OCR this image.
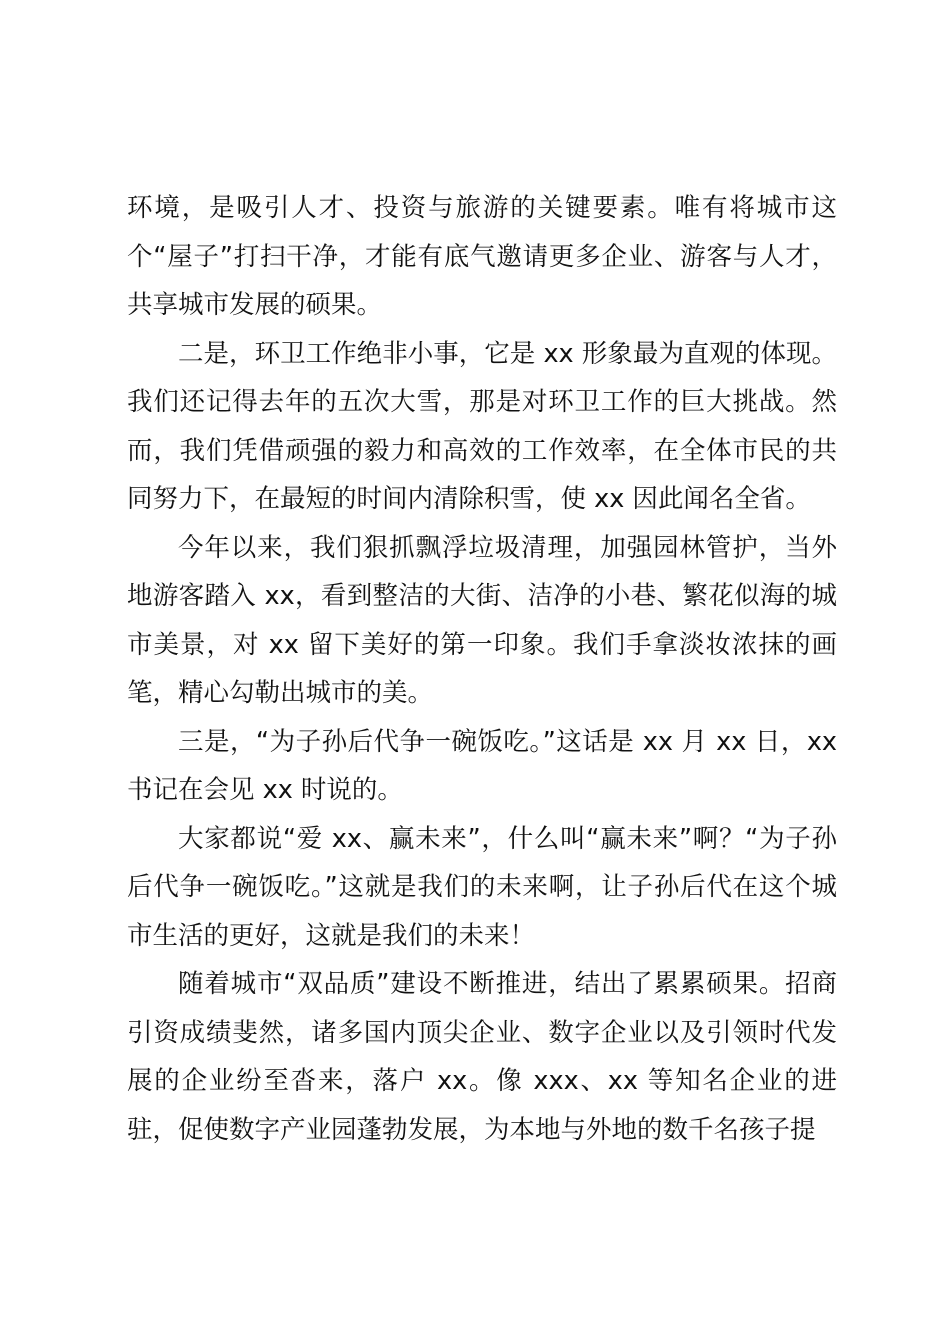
环境，是吸引人才、投资与旅游的关键要素。唯有将城市这个“屋子”打扫干净，才能有底气邀请更多企业、游客与人才，共享城市发展的硕果。

二是，环卫工作绝非小事，它是 xx 形象最为直观的体现。我们还记得去年的五次大雪，那是对环卫工作的巨大挑战。然而，我们凭借顽强的毅力和高效的工作效率，在全体市民的共同努力下，在最短的时间内清除积雪，使 xx 因此闻名全省。

今年以来，我们狠抓飘浮垃圾清理，加强园林管护，当外地游客踏入 xx，看到整洁的大街、洁净的小巷、繁花似海的城市美景，对 xx 留下美好的第一印象。我们手拿淡妆浓抹的画笔，精心勾勒出城市的美。

三是，“为子孙后代争一碗饭吃。”这话是 xx 月 xx 日，xx 书记在会见 xx 时说的。

大家都说“爱 xx、赢未来”，什么叫“赢未来”啊？“为子孙后代争一碗饭吃。”这就是我们的未来啊，让子孙后代在这个城市生活的更好，这就是我们的未来！

随着城市“双品质”建设不断推进，结出了累累硕果。招商引资成绩斐然，诸多国内顶尖企业、数字企业以及引领时代发展的企业纷至沓来，落户 xx。像 xxx、xx 等知名企业的进驻，促使数字产业园蓬勃发展，为本地与外地的数千名孩子提
